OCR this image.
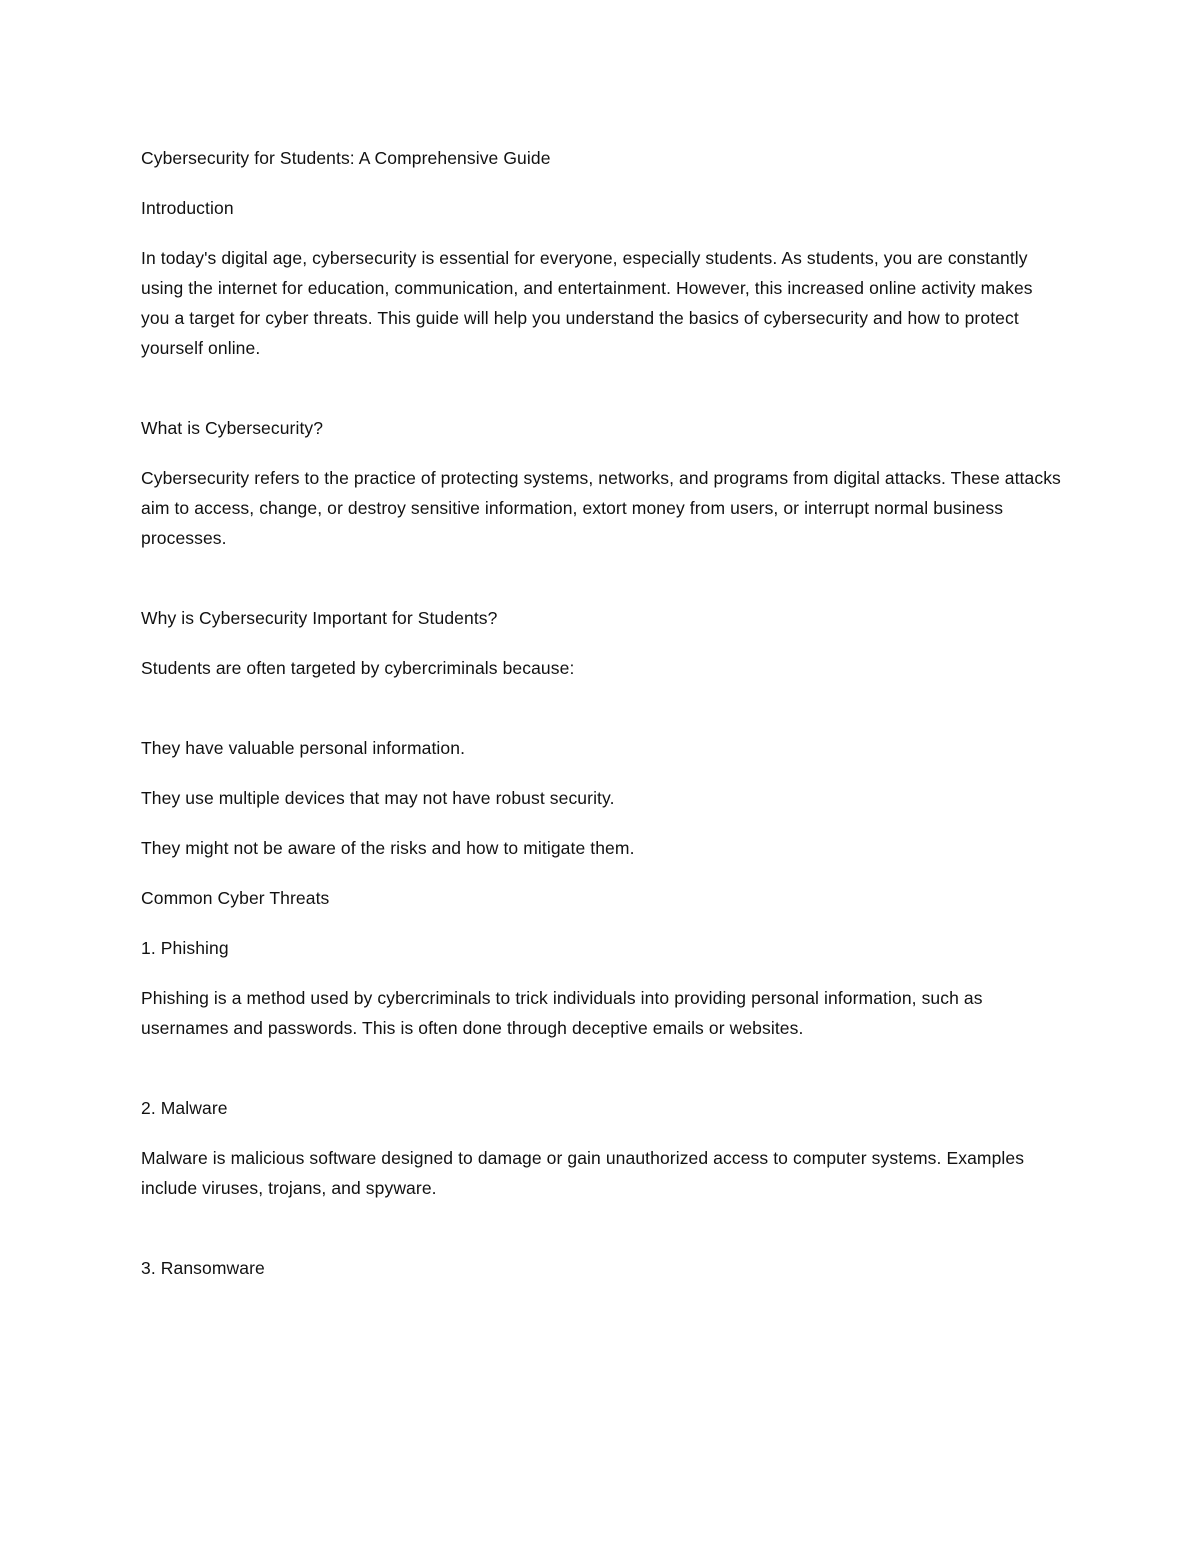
Cybersecurity for Students: A Comprehensive Guide

Introduction

In today's digital age, cybersecurity is essential for everyone, especially students. As students, you are constantly using the internet for education, communication, and entertainment. However, this increased online activity makes you a target for cyber threats. This guide will help you understand the basics of cybersecurity and how to protect yourself online.

What is Cybersecurity?

Cybersecurity refers to the practice of protecting systems, networks, and programs from digital attacks. These attacks aim to access, change, or destroy sensitive information, extort money from users, or interrupt normal business processes.

Why is Cybersecurity Important for Students?

Students are often targeted by cybercriminals because:

They have valuable personal information.

They use multiple devices that may not have robust security.

They might not be aware of the risks and how to mitigate them.

Common Cyber Threats

1. Phishing

Phishing is a method used by cybercriminals to trick individuals into providing personal information, such as usernames and passwords. This is often done through deceptive emails or websites.

2. Malware

Malware is malicious software designed to damage or gain unauthorized access to computer systems. Examples include viruses, trojans, and spyware.

3. Ransomware
